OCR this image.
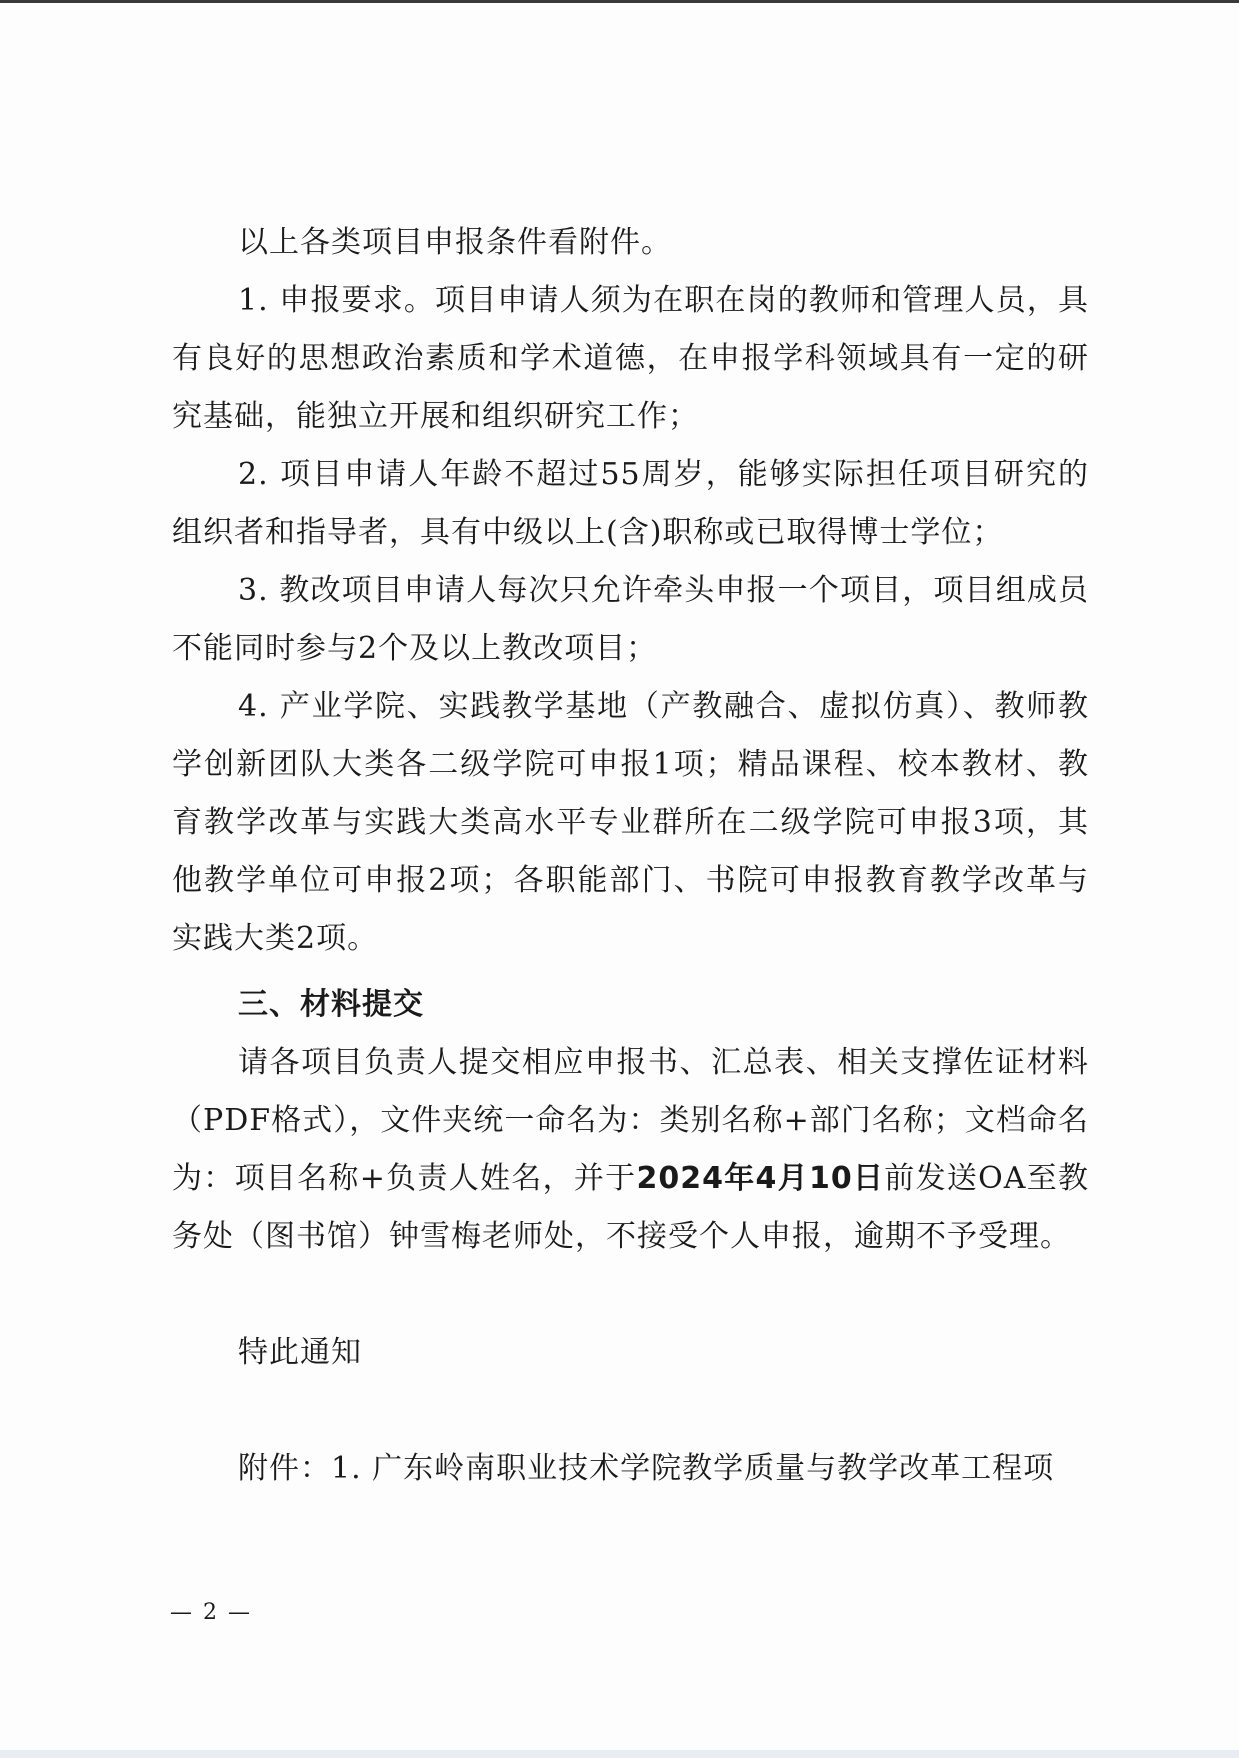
以上各类项目申报条件看附件。
1. 申报要求。项目申请人须为在职在岗的教师和管理人员，具有良好的思想政治素质和学术道德，在申报学科领域具有一定的研究基础，能独立开展和组织研究工作；
2. 项目申请人年龄不超过55周岁，能够实际担任项目研究的组织者和指导者，具有中级以上(含)职称或已取得博士学位；
3. 教改项目申请人每次只允许牵头申报一个项目，项目组成员不能同时参与2个及以上教改项目；
4. 产业学院、实践教学基地（产教融合、虚拟仿真）、教师教学创新团队大类各二级学院可申报1项；精品课程、校本教材、教育教学改革与实践大类高水平专业群所在二级学院可申报3项，其他教学单位可申报2项；各职能部门、书院可申报教育教学改革与实践大类2项。
三、材料提交
请各项目负责人提交相应申报书、汇总表、相关支撑佐证材料（PDF格式），文件夹统一命名为：类别名称+部门名称；文档命名为：项目名称+负责人姓名，并于2024年4月10日前发送OA至教务处（图书馆）钟雪梅老师处，不接受个人申报，逾期不予受理。
特此通知
附件：1. 广东岭南职业技术学院教学质量与教学改革工程项
— 2 —
